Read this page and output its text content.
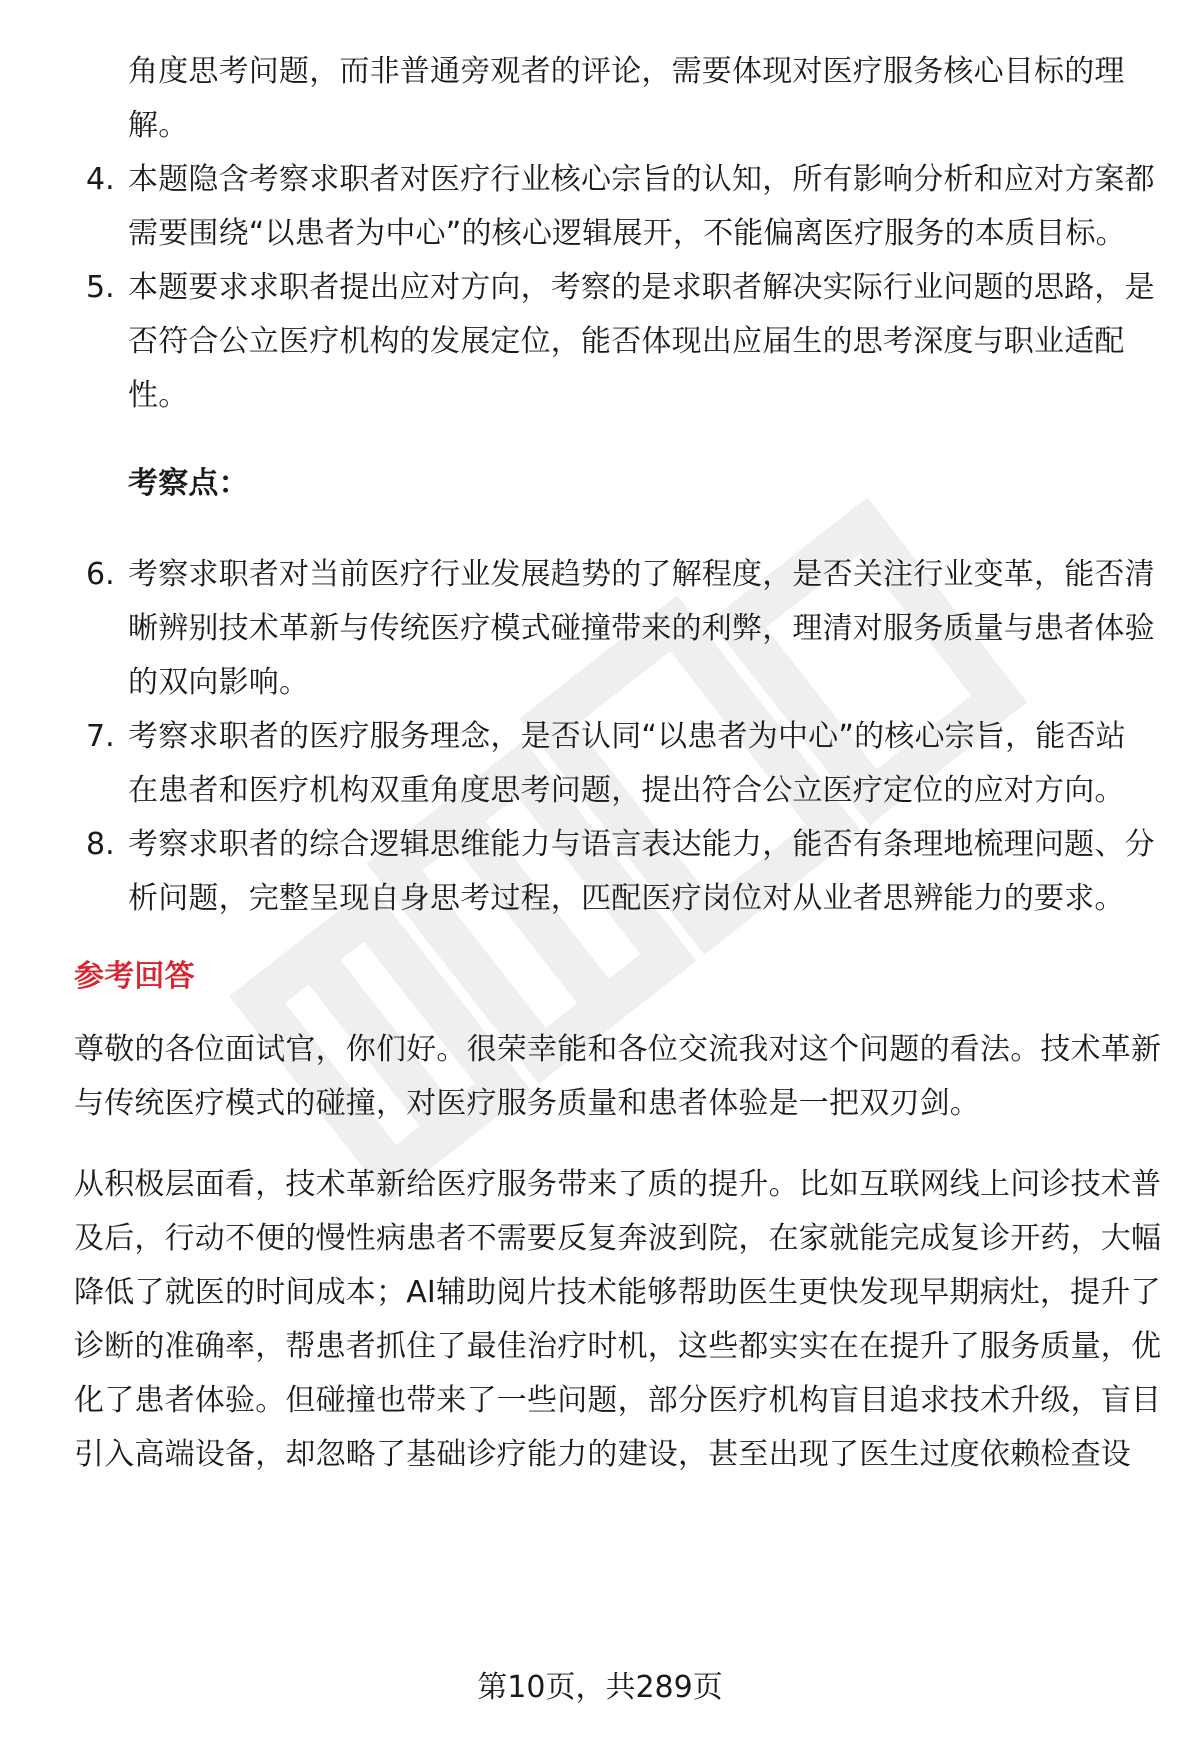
角度思考问题，而非普通旁观者的评论，需要体现对医疗服务核心目标的理
解。
4. 本题隐含考察求职者对医疗行业核心宗旨的认知，所有影响分析和应对方案都
需要围绕“以患者为中心”的核心逻辑展开，不能偏离医疗服务的本质目标。
5. 本题要求求职者提出应对方向，考察的是求职者解决实际行业问题的思路，是
否符合公立医疗机构的发展定位，能否体现出应届生的思考深度与职业适配
性。
考察点：
6. 考察求职者对当前医疗行业发展趋势的了解程度，是否关注行业变革，能否清
晰辨别技术革新与传统医疗模式碰撞带来的利弊，理清对服务质量与患者体验
的双向影响。
7. 考察求职者的医疗服务理念，是否认同“以患者为中心”的核心宗旨，能否站
在患者和医疗机构双重角度思考问题，提出符合公立医疗定位的应对方向。
8. 考察求职者的综合逻辑思维能力与语言表达能力，能否有条理地梳理问题、分
析问题，完整呈现自身思考过程，匹配医疗岗位对从业者思辨能力的要求。
参考回答
尊敬的各位面试官，你们好。很荣幸能和各位交流我对这个问题的看法。技术革新
与传统医疗模式的碰撞，对医疗服务质量和患者体验是一把双刃剑。
从积极层面看，技术革新给医疗服务带来了质的提升。比如互联网线上问诊技术普
及后，行动不便的慢性病患者不需要反复奔波到院，在家就能完成复诊开药，大幅
降低了就医的时间成本；AI辅助阅片技术能够帮助医生更快发现早期病灶，提升了
诊断的准确率，帮患者抓住了最佳治疗时机，这些都实实在在提升了服务质量，优
化了患者体验。但碰撞也带来了一些问题，部分医疗机构盲目追求技术升级，盲目
引入高端设备，却忽略了基础诊疗能力的建设，甚至出现了医生过度依赖检查设
第10页，共289页
